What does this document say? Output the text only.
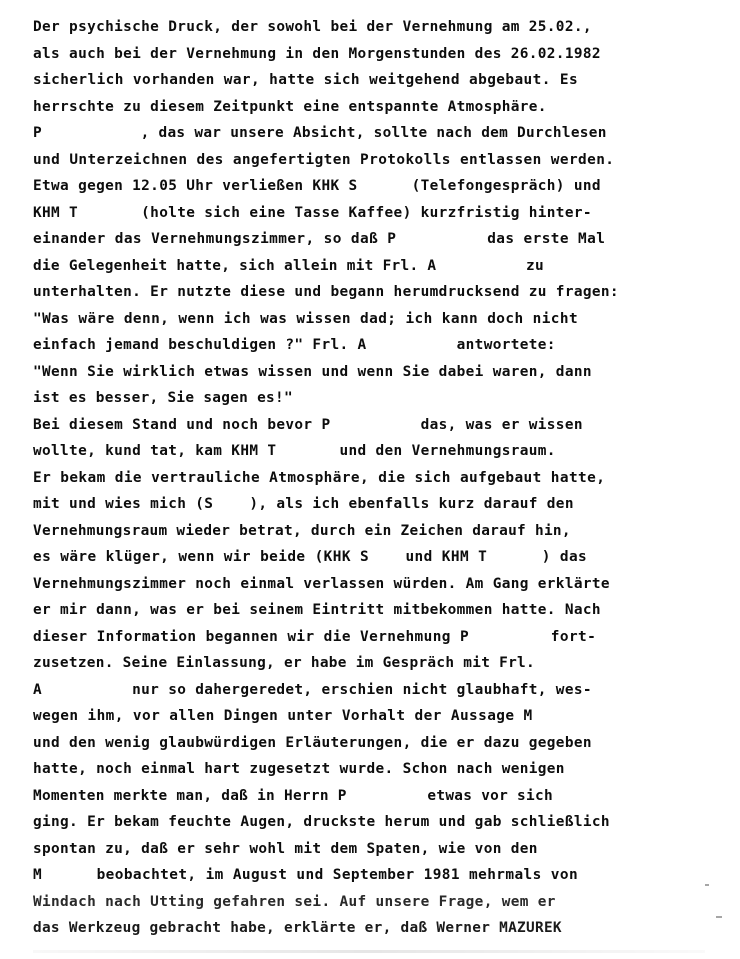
Der psychische Druck, der sowohl bei der Vernehmung am 25.02.,
als auch bei der Vernehmung in den Morgenstunden des 26.02.1982
sicherlich vorhanden war, hatte sich weitgehend abgebaut. Es
herrschte zu diesem Zeitpunkt eine entspannte Atmosphäre.
P           , das war unsere Absicht, sollte nach dem Durchlesen
und Unterzeichnen des angefertigten Protokolls entlassen werden.
Etwa gegen 12.05 Uhr verließen KHK S      (Telefongespräch) und
KHM T       (holte sich eine Tasse Kaffee) kurzfristig hinter-
einander das Vernehmungszimmer, so daß P          das erste Mal
die Gelegenheit hatte, sich allein mit Frl. A          zu
unterhalten. Er nutzte diese und begann herumdrucksend zu fragen:
"Was wäre denn, wenn ich was wissen dad; ich kann doch nicht
einfach jemand beschuldigen ?" Frl. A          antwortete:
"Wenn Sie wirklich etwas wissen und wenn Sie dabei waren, dann
ist es besser, Sie sagen es!"
Bei diesem Stand und noch bevor P          das, was er wissen
wollte, kund tat, kam KHM T       und den Vernehmungsraum.
Er bekam die vertrauliche Atmosphäre, die sich aufgebaut hatte,
mit und wies mich (S    ), als ich ebenfalls kurz darauf den
Vernehmungsraum wieder betrat, durch ein Zeichen darauf hin,
es wäre klüger, wenn wir beide (KHK S    und KHM T      ) das
Vernehmungszimmer noch einmal verlassen würden. Am Gang erklärte
er mir dann, was er bei seinem Eintritt mitbekommen hatte. Nach
dieser Information begannen wir die Vernehmung P         fort-
zusetzen. Seine Einlassung, er habe im Gespräch mit Frl.
A          nur so dahergeredet, erschien nicht glaubhaft, wes-
wegen ihm, vor allen Dingen unter Vorhalt der Aussage M
und den wenig glaubwürdigen Erläuterungen, die er dazu gegeben
hatte, noch einmal hart zugesetzt wurde. Schon nach wenigen
Momenten merkte man, daß in Herrn P         etwas vor sich
ging. Er bekam feuchte Augen, druckste herum und gab schließlich
spontan zu, daß er sehr wohl mit dem Spaten, wie von den
M      beobachtet, im August und September 1981 mehrmals von
Windach nach Utting gefahren sei. Auf unsere Frage, wem er
das Werkzeug gebracht habe, erklärte er, daß Werner MAZUREK
